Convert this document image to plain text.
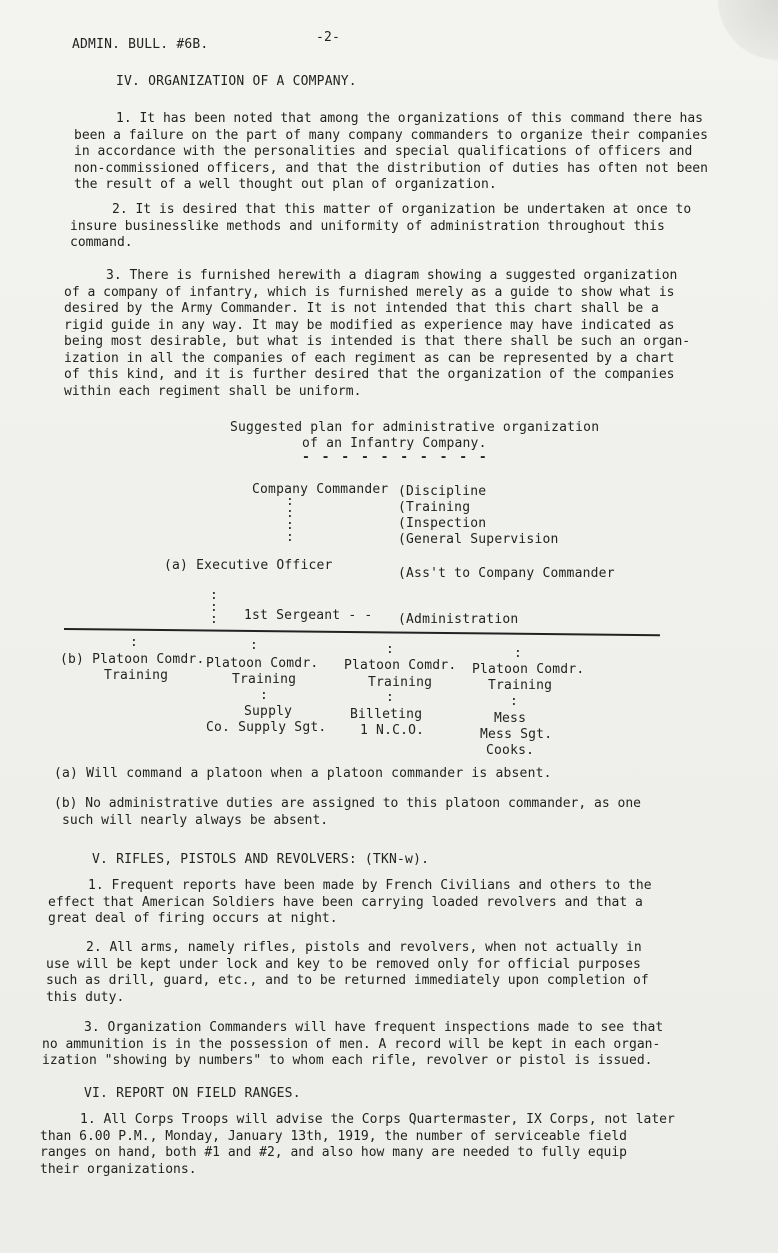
-2-
ADMIN. BULL. #6B.
IV. ORGANIZATION OF A COMPANY.
1. It has been noted that among the organizations of this command there has
been a failure on the part of many company commanders to organize their companies
in accordance with the personalities and special qualifications of officers and
non-commissioned officers, and that the distribution of duties has often not been
the result of a well thought out plan of organization.
2. It is desired that this matter of organization be undertaken at once to
insure businesslike methods and uniformity of administration throughout this
command.
3. There is furnished herewith a diagram showing a suggested organization
of a company of infantry, which is furnished merely as a guide to show what is
desired by the Army Commander. It is not intended that this chart shall be a
rigid guide in any way. It may be modified as experience may have indicated as
being most desirable, but what is intended is that there shall be such an organ-
ization in all the companies of each regiment as can be represented by a chart
of this kind, and it is further desired that the organization of the companies
within each regiment shall be uniform.
Suggested plan for administrative organization
of an Infantry Company.
- - - - - - - - - -
Company Commander (Discipline
(Training
(Inspection
(General Supervision
:
:
:
:
(a) Executive Officer
(Ass't to Company Commander
:
:
: 1st Sergeant - - (Administration
:	:	:	:
(b) Platoon Comdr.
Training
Platoon Comdr.
Training
:
Supply
Co. Supply Sgt.
Platoon Comdr.
Training
:
Billeting
1 N.C.O.
Platoon Comdr.
Training
:
Mess
Mess Sgt.
Cooks.
(a) Will command a platoon when a platoon commander is absent.
(b) No administrative duties are assigned to this platoon commander, as one
such will nearly always be absent.
V. RIFLES, PISTOLS AND REVOLVERS: (TKN-w).
1. Frequent reports have been made by French Civilians and others to the
effect that American Soldiers have been carrying loaded revolvers and that a
great deal of firing occurs at night.
2. All arms, namely rifles, pistols and revolvers, when not actually in
use will be kept under lock and key to be removed only for official purposes
such as drill, guard, etc., and to be returned immediately upon completion of
this duty.
3. Organization Commanders will have frequent inspections made to see that
no ammunition is in the possession of men. A record will be kept in each organ-
ization "showing by numbers" to whom each rifle, revolver or pistol is issued.
VI. REPORT ON FIELD RANGES.
1. All Corps Troops will advise the Corps Quartermaster, IX Corps, not later
than 6.00 P.M., Monday, January 13th, 1919, the number of serviceable field
ranges on hand, both #1 and #2, and also how many are needed to fully equip
their organizations.
